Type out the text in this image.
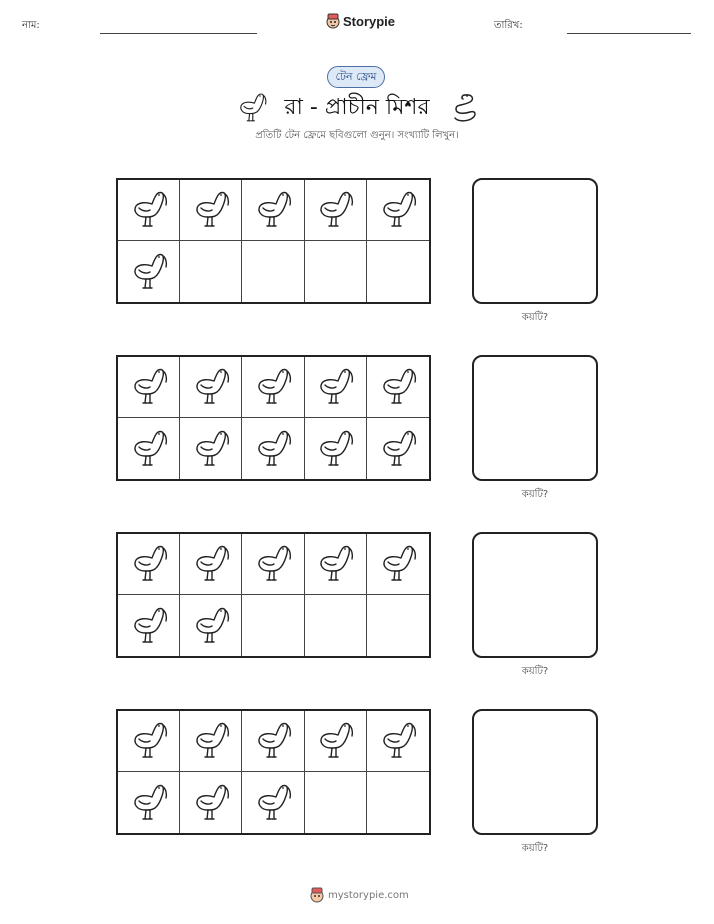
নাম:	Storypie	তারিখ:
টেন ফ্রেম
রা - প্রাচীন মিশর
প্রতিটি টেন ফ্রেমে ছবিগুলো গুনুন। সংখ্যাটি লিখুন।
কয়টি?
কয়টি?
কয়টি?
কয়টি?
mystorypie.com
